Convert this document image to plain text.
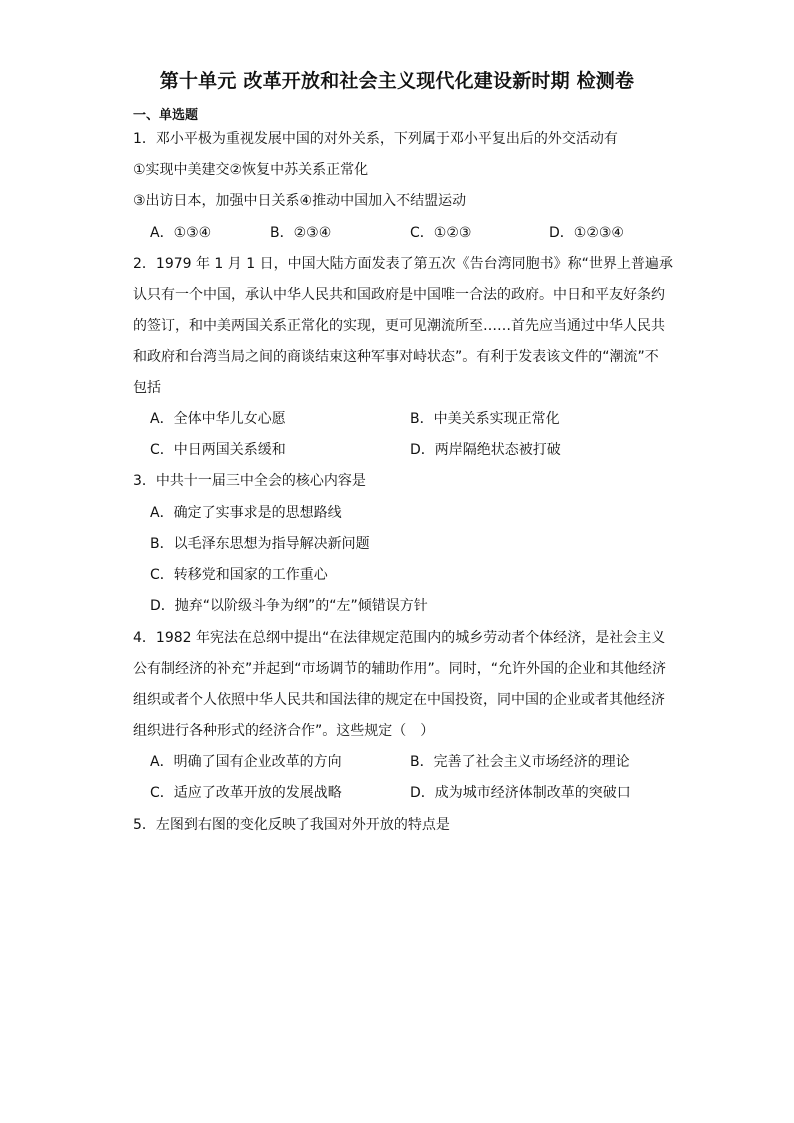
第十单元 改革开放和社会主义现代化建设新时期 检测卷
一、单选题
1．邓小平极为重视发展中国的对外关系，下列属于邓小平复出后的外交活动有
①实现中美建交②恢复中苏关系正常化
③出访日本，加强中日关系④推动中国加入不结盟运动
A．①③④	B．②③④	C．①②③	D．①②③④
2．1979 年 1 月 1 日，中国大陆方面发表了第五次《告台湾同胞书》称“世界上普遍承
认只有一个中国，承认中华人民共和国政府是中国唯一合法的政府。中日和平友好条约
的签订，和中美两国关系正常化的实现，更可见潮流所至……首先应当通过中华人民共
和政府和台湾当局之间的商谈结束这种军事对峙状态”。有利于发表该文件的“潮流”不
包括
A．全体中华儿女心愿	B．中美关系实现正常化
C．中日两国关系缓和	D．两岸隔绝状态被打破
3．中共十一届三中全会的核心内容是
A．确定了实事求是的思想路线
B．以毛泽东思想为指导解决新问题
C．转移党和国家的工作重心
D．抛弃“以阶级斗争为纲”的“左”倾错误方针
4．1982 年宪法在总纲中提出“在法律规定范围内的城乡劳动者个体经济，是社会主义
公有制经济的补充”并起到“市场调节的辅助作用”。同时，“允许外国的企业和其他经济
组织或者个人依照中华人民共和国法律的规定在中国投资，同中国的企业或者其他经济
组织进行各种形式的经济合作”。这些规定（　）
A．明确了国有企业改革的方向	B．完善了社会主义市场经济的理论
C．适应了改革开放的发展战略	D．成为城市经济体制改革的突破口
5．左图到右图的变化反映了我国对外开放的特点是
